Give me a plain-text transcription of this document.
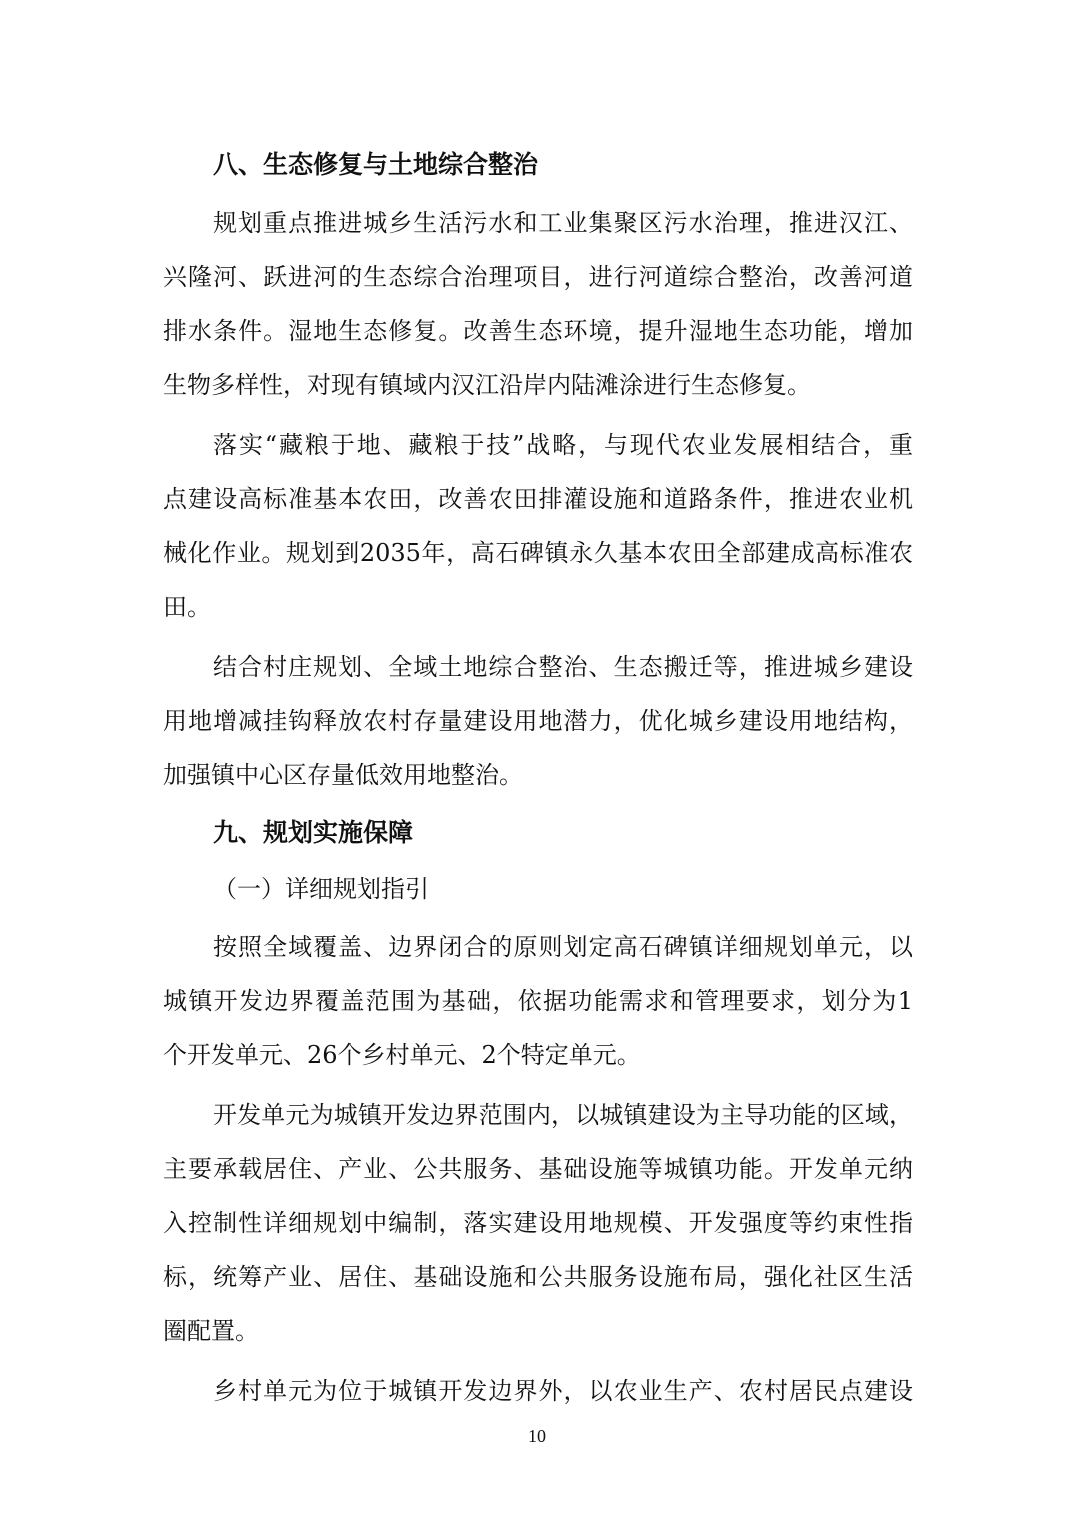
八、生态修复与土地综合整治
规划重点推进城乡生活污水和工业集聚区污水治理，推进汉江、
兴隆河、跃进河的生态综合治理项目，进行河道综合整治，改善河道
排水条件。湿地生态修复。改善生态环境，提升湿地生态功能，增加
生物多样性，对现有镇域内汉江沿岸内陆滩涂进行生态修复。
落实“藏粮于地、藏粮于技”战略，与现代农业发展相结合，重
点建设高标准基本农田，改善农田排灌设施和道路条件，推进农业机
械化作业。规划到2035年，高石碑镇永久基本农田全部建成高标准农
田。
结合村庄规划、全域土地综合整治、生态搬迁等，推进城乡建设
用地增减挂钩释放农村存量建设用地潜力，优化城乡建设用地结构，
加强镇中心区存量低效用地整治。
九、规划实施保障
（一）详细规划指引
按照全域覆盖、边界闭合的原则划定高石碑镇详细规划单元，以
城镇开发边界覆盖范围为基础，依据功能需求和管理要求，划分为1
个开发单元、26个乡村单元、2个特定单元。
开发单元为城镇开发边界范围内，以城镇建设为主导功能的区域，
主要承载居住、产业、公共服务、基础设施等城镇功能。开发单元纳
入控制性详细规划中编制，落实建设用地规模、开发强度等约束性指
标，统筹产业、居住、基础设施和公共服务设施布局，强化社区生活
圈配置。
乡村单元为位于城镇开发边界外，以农业生产、农村居民点建设
10
